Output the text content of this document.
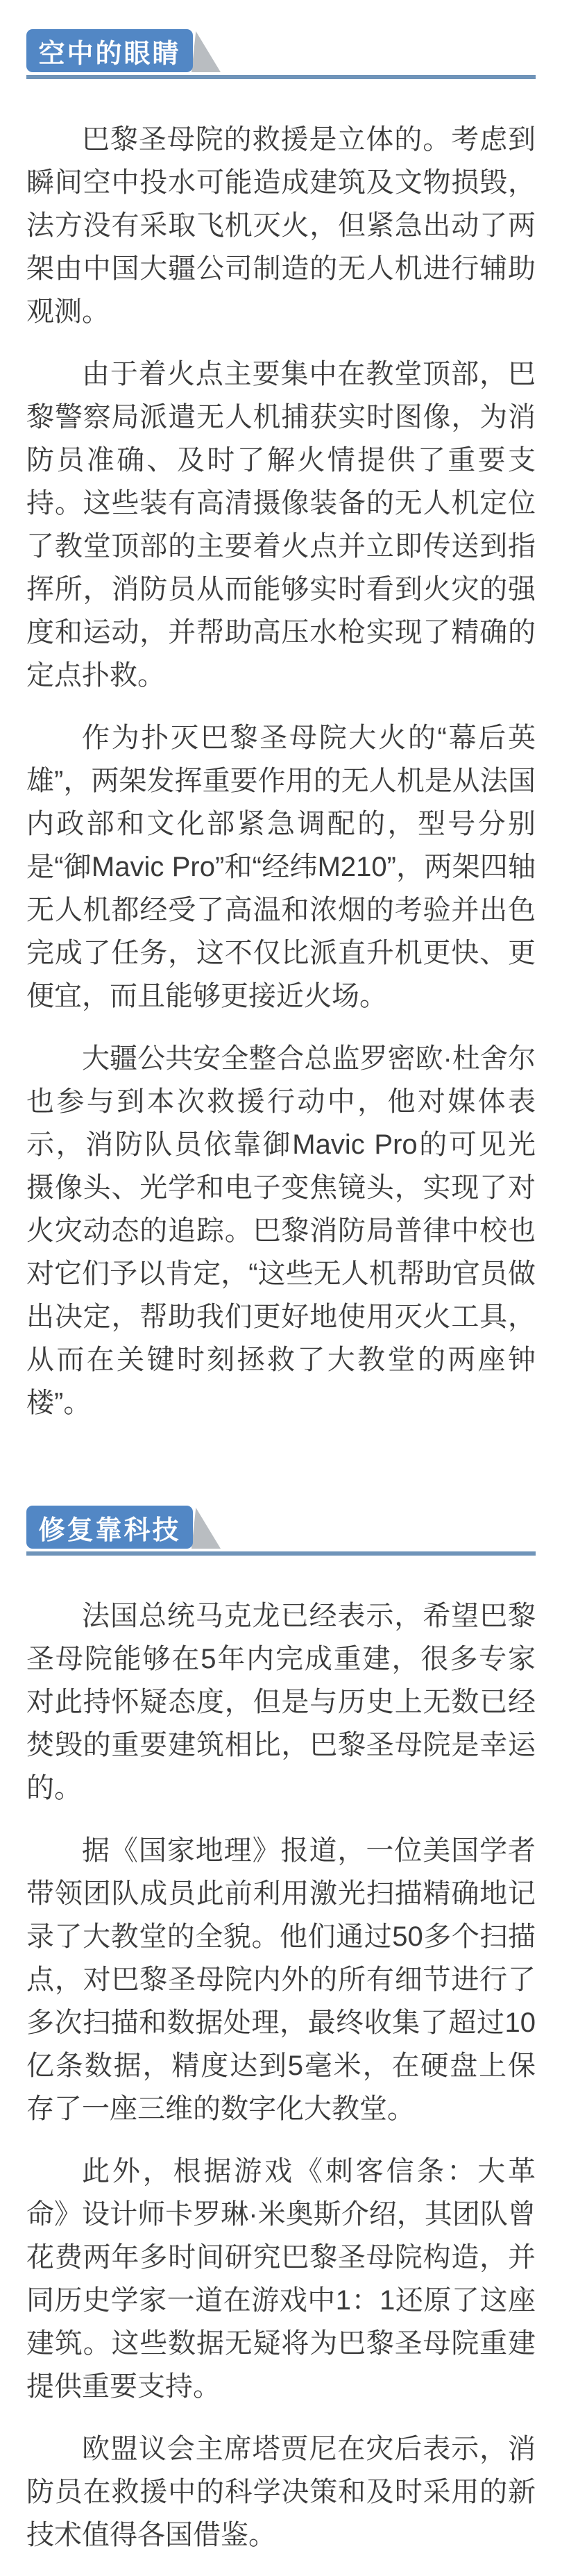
空中的眼睛

巴黎圣母院的救援是立体的。考虑到瞬间空中投水可能造成建筑及文物损毁，法方没有采取飞机灭火，但紧急出动了两架由中国大疆公司制造的无人机进行辅助观测。

由于着火点主要集中在教堂顶部，巴黎警察局派遣无人机捕获实时图像，为消防员准确、及时了解火情提供了重要支持。这些装有高清摄像装备的无人机定位了教堂顶部的主要着火点并立即传送到指挥所，消防员从而能够实时看到火灾的强度和运动，并帮助高压水枪实现了精确的定点扑救。

作为扑灭巴黎圣母院大火的“幕后英雄”，两架发挥重要作用的无人机是从法国内政部和文化部紧急调配的，型号分别是“御Mavic Pro”和“经纬M210”，两架四轴无人机都经受了高温和浓烟的考验并出色完成了任务，这不仅比派直升机更快、更便宜，而且能够更接近火场。

大疆公共安全整合总监罗密欧·杜舍尔也参与到本次救援行动中，他对媒体表示，消防队员依靠御Mavic Pro的可见光摄像头、光学和电子变焦镜头，实现了对火灾动态的追踪。巴黎消防局普律中校也对它们予以肯定，“这些无人机帮助官员做出决定，帮助我们更好地使用灭火工具，从而在关键时刻拯救了大教堂的两座钟楼”。

修复靠科技

法国总统马克龙已经表示，希望巴黎圣母院能够在5年内完成重建，很多专家对此持怀疑态度，但是与历史上无数已经焚毁的重要建筑相比，巴黎圣母院是幸运的。

据《国家地理》报道，一位美国学者带领团队成员此前利用激光扫描精确地记录了大教堂的全貌。他们通过50多个扫描点，对巴黎圣母院内外的所有细节进行了多次扫描和数据处理，最终收集了超过10亿条数据，精度达到5毫米，在硬盘上保存了一座三维的数字化大教堂。

此外，根据游戏《刺客信条：大革命》设计师卡罗琳·米奥斯介绍，其团队曾花费两年多时间研究巴黎圣母院构造，并同历史学家一道在游戏中1：1还原了这座建筑。这些数据无疑将为巴黎圣母院重建提供重要支持。

欧盟议会主席塔贾尼在灾后表示，消防员在救援中的科学决策和及时采用的新技术值得各国借鉴。
